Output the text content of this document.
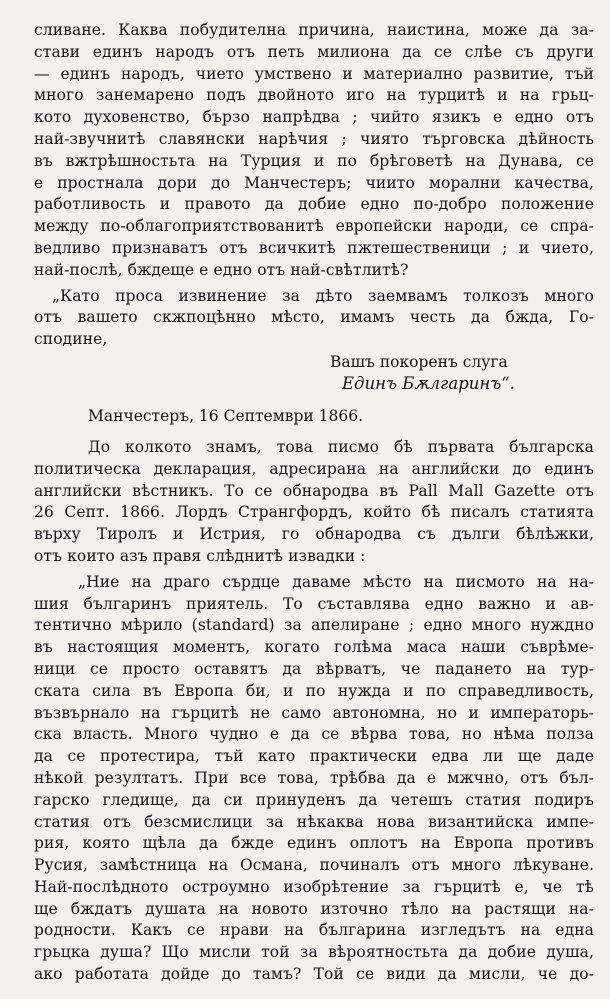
сливане. Каква побудителна причина, наистина, може да за-
стави единъ народъ отъ петь милиона да се слѣе съ други
— единъ народъ, чието умствено и материално развитие, тъй
много занемарено подъ двойното иго на турцитѣ и на грьц-
кото духовенство, бързо напрѣдва ; чийто язикъ е едно отъ
най-звучнитѣ славянски нарѣчия ; чиято търговска дѣйность
въ вжтрѣшностьта на Турция и по брѣговетѣ на Дунава, се
е простнала дори до Манчестеръ; чиито морални качества,
работливость и правото да добие едно по-добро положение
между по-облагоприятствованитѣ европейски народи, се спра-
ведливо признаватъ отъ всичкитѣ пжтешественици ; и чието,
най-послѣ, бждеще е едно отъ най-свѣтлитѣ?
„Като проса извинение за дѣто заемвамъ толкозъ много
отъ вашето скжпоцѣнно мѣсто, имамъ честь да бжда, Го-
сподине,
Вашъ покоренъ слуга
Единъ Бѫлгаринъ“.
Манчестеръ, 16 Септември 1866.
До колкото знамъ, това писмо бѣ първата българска
политическа декларация, адресирана на английски до единъ
английски вѣстникъ. То се обнародва въ Pall Mall Gazette отъ
26 Септ. 1866. Лордъ Странгфордъ, който бѣ писалъ статията
върху Тиролъ и Истрия, го обнародва съ дълги бѣлѣжки,
отъ които азъ правя слѣднитѣ извадки :
„Ние на драго сърдце даваме мѣсто на писмото на на-
шия българинъ приятель. То съставлява едно важно и ав-
тентично мѣрило (standard) за апелиране ; едно много нуждно
въ настоящия моментъ, когато голѣма маса наши съврѣме-
ници се просто оставятъ да вѣрватъ, че падането на тур-
ската сила въ Европа би, и по нужда и по справедливость,
възвърнало на гърцитѣ не само автономна, но и императорь-
ска власть. Много чудно е да се вѣрва това, но нѣма полза
да се протестира, тъй като практически едва ли ще даде
нѣкой резултатъ. При все това, трѣбва да е мжчно, отъ бъл-
гарско гледище, да си принуденъ да четешъ статия подиръ
статия отъ безсмислици за нѣкаква нова византийска импе-
рия, която щѣла да бжде единъ оплотъ на Европа противъ
Русия, замѣстница на Османа, починалъ отъ много лѣкуване.
Най-послѣдното остроумно изобрѣтение за гърцитѣ е, че тѣ
ще бждатъ душата на новото източно тѣло на растящи на-
родности. Какъ се нрави на българина изгледътъ на една
грьцка душа? Що мисли той за вѣроятностьта да добие душа,
ако работата дойде до тамъ? Той се види да мисли, че до-
